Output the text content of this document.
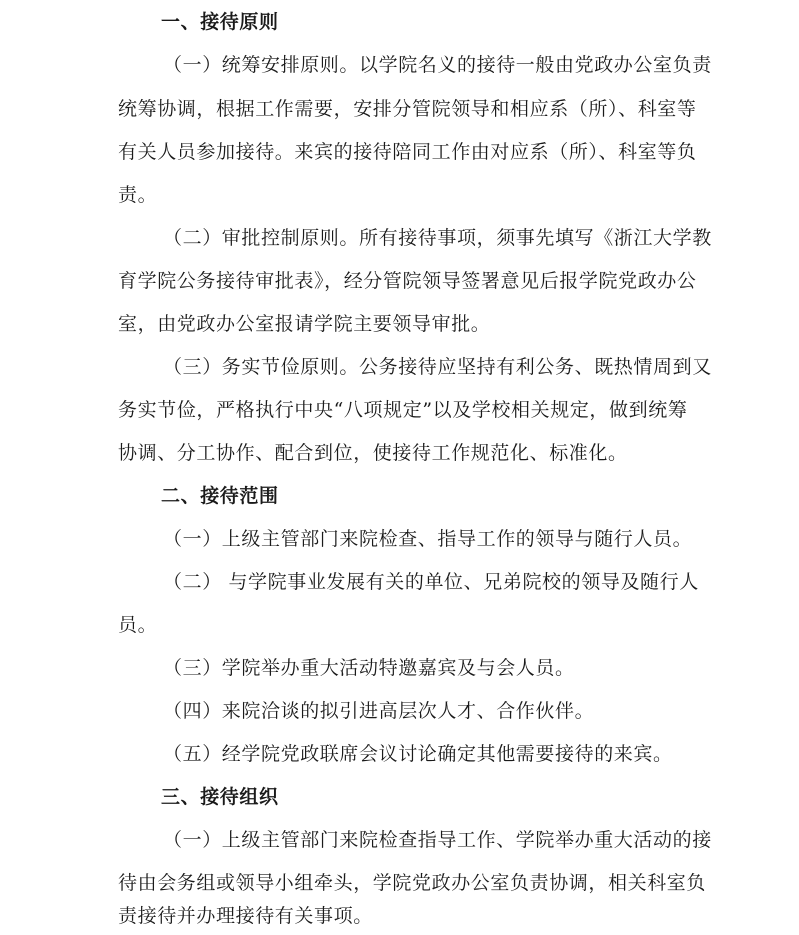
一、接待原则
（一）统筹安排原则。以学院名义的接待一般由党政办公室负责
统筹协调，根据工作需要，安排分管院领导和相应系（所）、科室等
有关人员参加接待。来宾的接待陪同工作由对应系（所）、科室等负
责。
（二）审批控制原则。所有接待事项，须事先填写《浙江大学教
育学院公务接待审批表》，经分管院领导签署意见后报学院党政办公
室，由党政办公室报请学院主要领导审批。
（三）务实节俭原则。公务接待应坚持有利公务、既热情周到又
务实节俭，严格执行中央“八项规定”以及学校相关规定，做到统筹
协调、分工协作、配合到位，使接待工作规范化、标准化。
二、接待范围
（一）上级主管部门来院检查、指导工作的领导与随行人员。
（二） 与学院事业发展有关的单位、兄弟院校的领导及随行人
员。
（三）学院举办重大活动特邀嘉宾及与会人员。
（四）来院洽谈的拟引进高层次人才、合作伙伴。
（五）经学院党政联席会议讨论确定其他需要接待的来宾。
三、接待组织
（一）上级主管部门来院检查指导工作、学院举办重大活动的接
待由会务组或领导小组牵头，学院党政办公室负责协调，相关科室负
责接待并办理接待有关事项。
